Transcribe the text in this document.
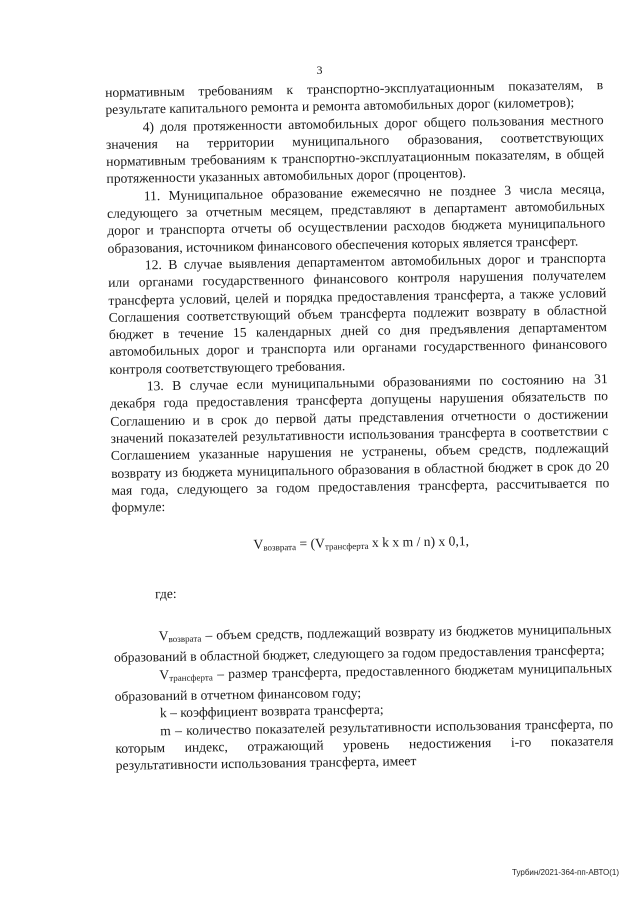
3

нормативным требованиям к транспортно-эксплуатационным показателям, в результате капитального ремонта и ремонта автомобильных дорог (километров);

4) доля протяженности автомобильных дорог общего пользования местного значения на территории муниципального образования, соответствующих нормативным требованиям к транспортно-эксплуатационным показателям, в общей протяженности указанных автомобильных дорог (процентов).

11. Муниципальное образование ежемесячно не позднее 3 числа месяца, следующего за отчетным месяцем, представляют в департамент автомобильных дорог и транспорта отчеты об осуществлении расходов бюджета муниципального образования, источником финансового обеспечения которых является трансферт.

12. В случае выявления департаментом автомобильных дорог и транспорта или органами государственного финансового контроля нарушения получателем трансферта условий, целей и порядка предоставления трансферта, а также условий Соглашения соответствующий объем трансферта подлежит возврату в областной бюджет в течение 15 календарных дней со дня предъявления департаментом автомобильных дорог и транспорта или органами государственного финансового контроля соответствующего требования.

13. В случае если муниципальными образованиями по состоянию на 31 декабря года предоставления трансферта допущены нарушения обязательств по Соглашению и в срок до первой даты представления отчетности о достижении значений показателей результативности использования трансферта в соответствии с Соглашением указанные нарушения не устранены, объем средств, подлежащий возврату из бюджета муниципального образования в областной бюджет в срок до 20 мая года, следующего за годом предоставления трансферта, рассчитывается по формуле:

$V_{возврата} = (V_{трансферта}$ х k х m / n) х 0,1,

где:

$V_{возврата}$ – объем средств, подлежащий возврату из бюджетов муниципальных образований в областной бюджет, следующего за годом предоставления трансферта;

$V_{трансферта}$ – размер трансферта, предоставленного бюджетам муниципальных образований в отчетном финансовом году;

k – коэффициент возврата трансферта;

m – количество показателей результативности использования трансферта, по которым индекс, отражающий уровень недостижения i-го показателя результативности использования трансферта, имеет

Турбин/2021-364-пп-АВТО(1)
